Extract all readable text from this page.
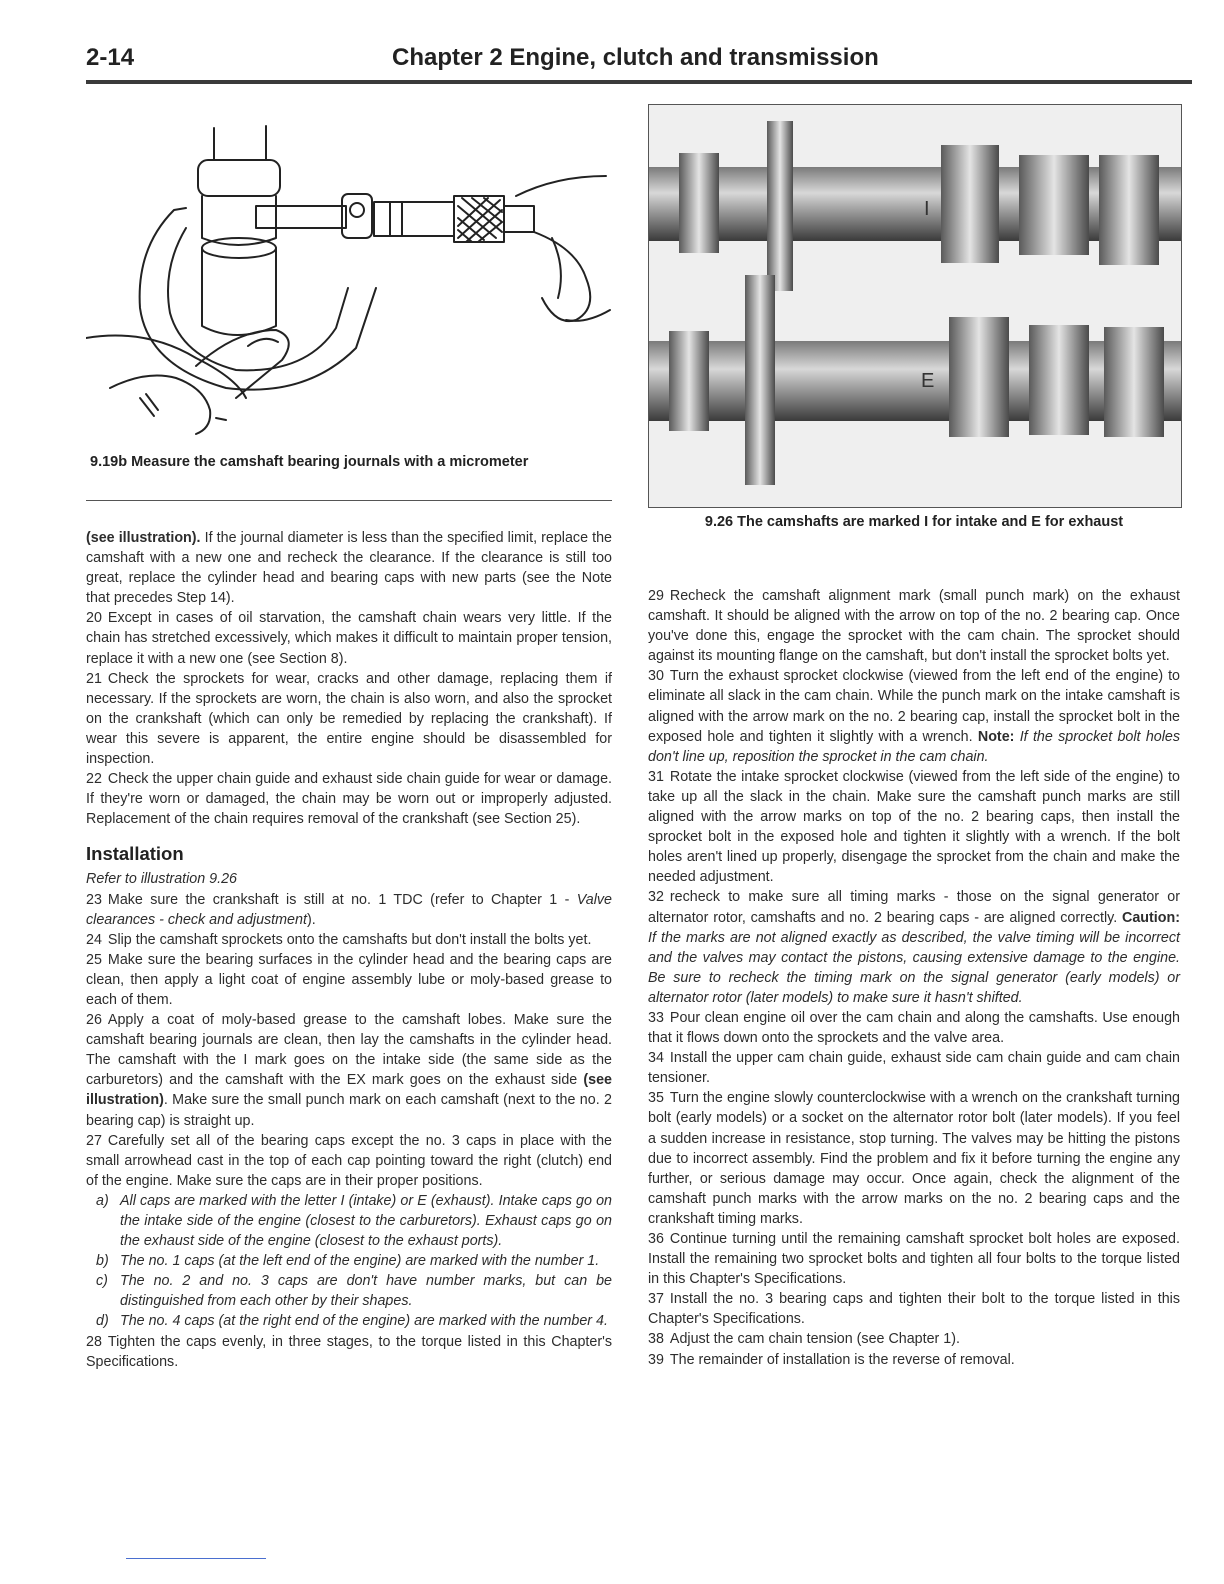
2-14	Chapter 2 Engine, clutch and transmission
9.19b Measure the camshaft bearing journals with a micrometer
I
E
9.26 The camshafts are marked I for intake and E for exhaust

(see illustration). If the journal diameter is less than the specified limit, replace the camshaft with a new one and recheck the clearance. If the clearance is still too great, replace the cylinder head and bearing caps with new parts (see the Note that precedes Step 14).

20 Except in cases of oil starvation, the camshaft chain wears very little. If the chain has stretched excessively, which makes it difficult to maintain proper tension, replace it with a new one (see Section 8).

21 Check the sprockets for wear, cracks and other damage, replacing them if necessary. If the sprockets are worn, the chain is also worn, and also the sprocket on the crankshaft (which can only be remedied by replacing the crankshaft). If wear this severe is apparent, the entire engine should be disassembled for inspection.

22 Check the upper chain guide and exhaust side chain guide for wear or damage. If they're worn or damaged, the chain may be worn out or improperly adjusted. Replacement of the chain requires removal of the crankshaft (see Section 25).

Installation

Refer to illustration 9.26

23 Make sure the crankshaft is still at no. 1 TDC (refer to Chapter 1 - Valve clearances - check and adjustment).

24 Slip the camshaft sprockets onto the camshafts but don't install the bolts yet.

25 Make sure the bearing surfaces in the cylinder head and the bearing caps are clean, then apply a light coat of engine assembly lube or moly-based grease to each of them.

26 Apply a coat of moly-based grease to the camshaft lobes. Make sure the camshaft bearing journals are clean, then lay the camshafts in the cylinder head. The camshaft with the I mark goes on the intake side (the same side as the carburetors) and the camshaft with the EX mark goes on the exhaust side (see illustration). Make sure the small punch mark on each camshaft (next to the no. 2 bearing cap) is straight up.

27 Carefully set all of the bearing caps except the no. 3 caps in place with the small arrowhead cast in the top of each cap pointing toward the right (clutch) end of the engine. Make sure the caps are in their proper positions.

a) All caps are marked with the letter I (intake) or E (exhaust). Intake caps go on the intake side of the engine (closest to the carburetors). Exhaust caps go on the exhaust side of the engine (closest to the exhaust ports).

b) The no. 1 caps (at the left end of the engine) are marked with the number 1.

c) The no. 2 and no. 3 caps are don't have number marks, but can be distinguished from each other by their shapes.

d) The no. 4 caps (at the right end of the engine) are marked with the number 4.

28 Tighten the caps evenly, in three stages, to the torque listed in this Chapter's Specifications.

29 Recheck the camshaft alignment mark (small punch mark) on the exhaust camshaft. It should be aligned with the arrow on top of the no. 2 bearing cap. Once you've done this, engage the sprocket with the cam chain. The sprocket should against its mounting flange on the camshaft, but don't install the sprocket bolts yet.

30 Turn the exhaust sprocket clockwise (viewed from the left end of the engine) to eliminate all slack in the cam chain. While the punch mark on the intake camshaft is aligned with the arrow mark on the no. 2 bearing cap, install the sprocket bolt in the exposed hole and tighten it slightly with a wrench. Note: If the sprocket bolt holes don't line up, reposition the sprocket in the cam chain.

31 Rotate the intake sprocket clockwise (viewed from the left side of the engine) to take up all the slack in the chain. Make sure the camshaft punch marks are still aligned with the arrow marks on top of the no. 2 bearing caps, then install the sprocket bolt in the exposed hole and tighten it slightly with a wrench. If the bolt holes aren't lined up properly, disengage the sprocket from the chain and make the needed adjustment.

32 recheck to make sure all timing marks - those on the signal generator or alternator rotor, camshafts and no. 2 bearing caps - are aligned correctly. Caution: If the marks are not aligned exactly as described, the valve timing will be incorrect and the valves may contact the pistons, causing extensive damage to the engine. Be sure to recheck the timing mark on the signal generator (early models) or alternator rotor (later models) to make sure it hasn't shifted.

33 Pour clean engine oil over the cam chain and along the camshafts. Use enough that it flows down onto the sprockets and the valve area.

34 Install the upper cam chain guide, exhaust side cam chain guide and cam chain tensioner.

35 Turn the engine slowly counterclockwise with a wrench on the crankshaft turning bolt (early models) or a socket on the alternator rotor bolt (later models). If you feel a sudden increase in resistance, stop turning. The valves may be hitting the pistons due to incorrect assembly. Find the problem and fix it before turning the engine any further, or serious damage may occur. Once again, check the alignment of the camshaft punch marks with the arrow marks on the no. 2 bearing caps and the crankshaft timing marks.

36 Continue turning until the remaining camshaft sprocket bolt holes are exposed. Install the remaining two sprocket bolts and tighten all four bolts to the torque listed in this Chapter's Specifications.

37 Install the no. 3 bearing caps and tighten their bolt to the torque listed in this Chapter's Specifications.

38 Adjust the cam chain tension (see Chapter 1).

39 The remainder of installation is the reverse of removal.
